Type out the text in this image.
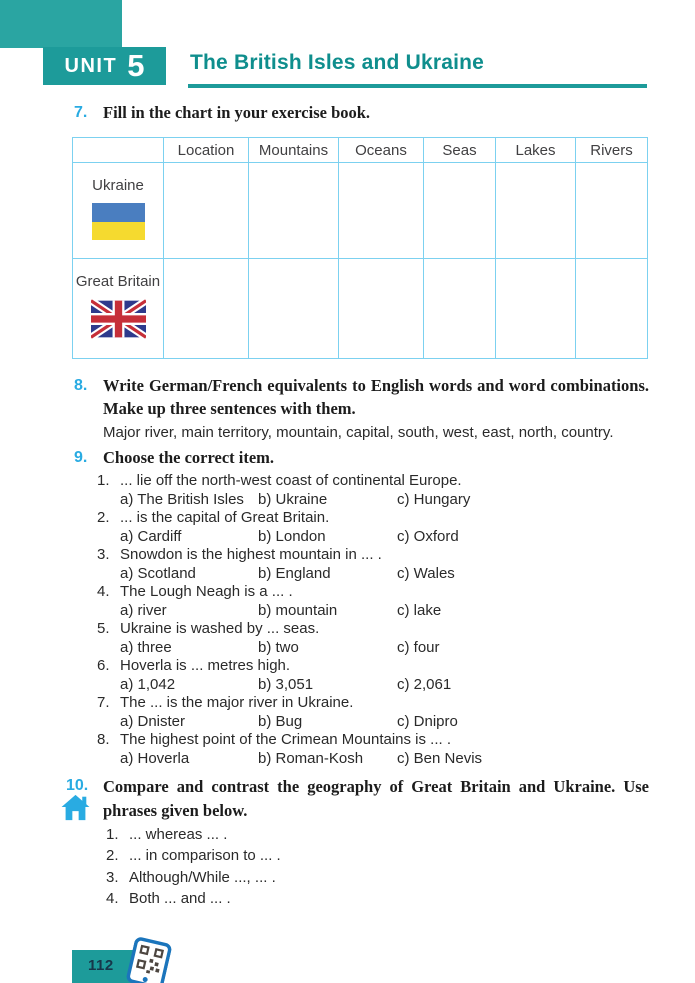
UNIT 5 The British Isles and Ukraine
7. Fill in the chart in your exercise book.
	Location	Mountains	Oceans	Seas	Lakes	Rivers

Ukraine						

Great Britain						

8. Write German/French equivalents to English words and word combinations. Make up three sentences with them.
Major river, main territory, mountain, capital, south, west, east, north, country.
9. Choose the correct item.
1. ... lie off the north-west coast of continental Europe.
a) The British Isles b) Ukraine	c) Hungary
2. ... is the capital of Great Britain.
a) Cardiff	b) London	c) Oxford
3. Snowdon is the highest mountain in ... .
a) Scotland	b) England	c) Wales
4. The Lough Neagh is a ... .
a) river	b) mountain	c) lake
5. Ukraine is washed by ... seas.
a) three	b) two	c) four
6. Hoverla is ... metres high.
a) 1,042	b) 3,051	c) 2,061
7. The ... is the major river in Ukraine.
a) Dnister	b) Bug	c) Dnipro
8. The highest point of the Crimean Mountains is ... .
a) Hoverla	b) Roman-Kosh c) Ben Nevis
10. Compare and contrast the geography of Great Britain and Ukraine. Use phrases given below.
1. ... whereas ... .
2. ... in comparison to ... .
3. Although/While ..., ... .
4. Both ... and ... .
112
